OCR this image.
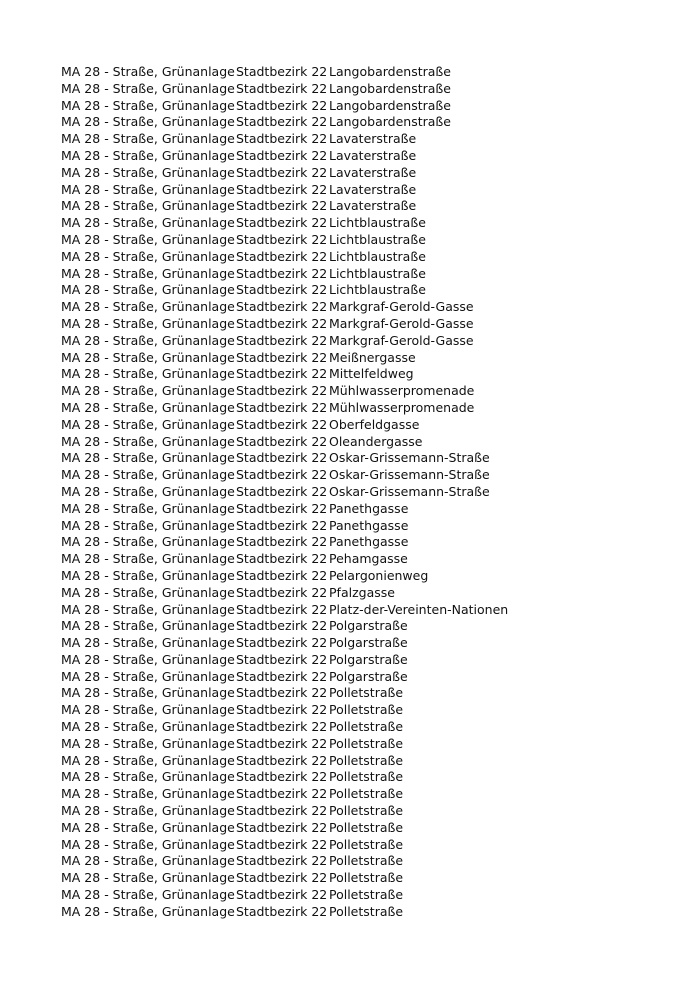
MA 28 - Straße, Grünanlage Stadtbezirk 22 Langobardenstraße
MA 28 - Straße, Grünanlage Stadtbezirk 22 Langobardenstraße
MA 28 - Straße, Grünanlage Stadtbezirk 22 Langobardenstraße
MA 28 - Straße, Grünanlage Stadtbezirk 22 Langobardenstraße
MA 28 - Straße, Grünanlage Stadtbezirk 22 Lavaterstraße
MA 28 - Straße, Grünanlage Stadtbezirk 22 Lavaterstraße
MA 28 - Straße, Grünanlage Stadtbezirk 22 Lavaterstraße
MA 28 - Straße, Grünanlage Stadtbezirk 22 Lavaterstraße
MA 28 - Straße, Grünanlage Stadtbezirk 22 Lavaterstraße
MA 28 - Straße, Grünanlage Stadtbezirk 22 Lichtblaustraße
MA 28 - Straße, Grünanlage Stadtbezirk 22 Lichtblaustraße
MA 28 - Straße, Grünanlage Stadtbezirk 22 Lichtblaustraße
MA 28 - Straße, Grünanlage Stadtbezirk 22 Lichtblaustraße
MA 28 - Straße, Grünanlage Stadtbezirk 22 Lichtblaustraße
MA 28 - Straße, Grünanlage Stadtbezirk 22 Markgraf-Gerold-Gasse
MA 28 - Straße, Grünanlage Stadtbezirk 22 Markgraf-Gerold-Gasse
MA 28 - Straße, Grünanlage Stadtbezirk 22 Markgraf-Gerold-Gasse
MA 28 - Straße, Grünanlage Stadtbezirk 22 Meißnergasse
MA 28 - Straße, Grünanlage Stadtbezirk 22 Mittelfeldweg
MA 28 - Straße, Grünanlage Stadtbezirk 22 Mühlwasserpromenade
MA 28 - Straße, Grünanlage Stadtbezirk 22 Mühlwasserpromenade
MA 28 - Straße, Grünanlage Stadtbezirk 22 Oberfeldgasse
MA 28 - Straße, Grünanlage Stadtbezirk 22 Oleandergasse
MA 28 - Straße, Grünanlage Stadtbezirk 22 Oskar-Grissemann-Straße
MA 28 - Straße, Grünanlage Stadtbezirk 22 Oskar-Grissemann-Straße
MA 28 - Straße, Grünanlage Stadtbezirk 22 Oskar-Grissemann-Straße
MA 28 - Straße, Grünanlage Stadtbezirk 22 Panethgasse
MA 28 - Straße, Grünanlage Stadtbezirk 22 Panethgasse
MA 28 - Straße, Grünanlage Stadtbezirk 22 Panethgasse
MA 28 - Straße, Grünanlage Stadtbezirk 22 Pehamgasse
MA 28 - Straße, Grünanlage Stadtbezirk 22 Pelargonienweg
MA 28 - Straße, Grünanlage Stadtbezirk 22 Pfalzgasse
MA 28 - Straße, Grünanlage Stadtbezirk 22 Platz-der-Vereinten-Nationen
MA 28 - Straße, Grünanlage Stadtbezirk 22 Polgarstraße
MA 28 - Straße, Grünanlage Stadtbezirk 22 Polgarstraße
MA 28 - Straße, Grünanlage Stadtbezirk 22 Polgarstraße
MA 28 - Straße, Grünanlage Stadtbezirk 22 Polgarstraße
MA 28 - Straße, Grünanlage Stadtbezirk 22 Polletstraße
MA 28 - Straße, Grünanlage Stadtbezirk 22 Polletstraße
MA 28 - Straße, Grünanlage Stadtbezirk 22 Polletstraße
MA 28 - Straße, Grünanlage Stadtbezirk 22 Polletstraße
MA 28 - Straße, Grünanlage Stadtbezirk 22 Polletstraße
MA 28 - Straße, Grünanlage Stadtbezirk 22 Polletstraße
MA 28 - Straße, Grünanlage Stadtbezirk 22 Polletstraße
MA 28 - Straße, Grünanlage Stadtbezirk 22 Polletstraße
MA 28 - Straße, Grünanlage Stadtbezirk 22 Polletstraße
MA 28 - Straße, Grünanlage Stadtbezirk 22 Polletstraße
MA 28 - Straße, Grünanlage Stadtbezirk 22 Polletstraße
MA 28 - Straße, Grünanlage Stadtbezirk 22 Polletstraße
MA 28 - Straße, Grünanlage Stadtbezirk 22 Polletstraße
MA 28 - Straße, Grünanlage Stadtbezirk 22 Polletstraße
